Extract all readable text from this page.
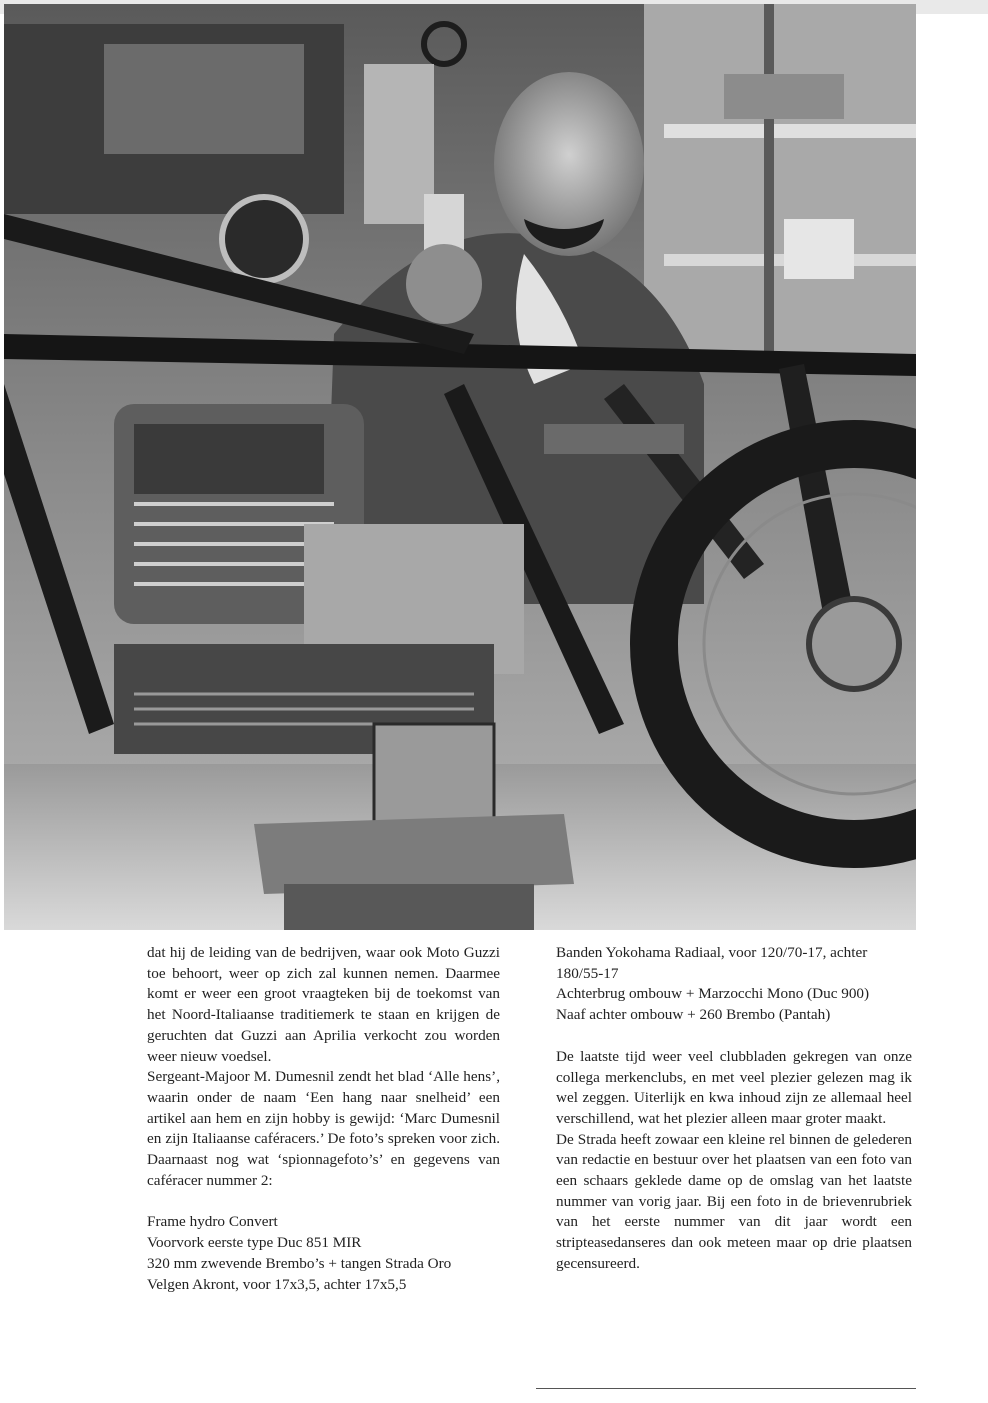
dat hij de leiding van de bedrijven, waar ook Moto Guzzi toe behoort, weer op zich zal kunnen nemen. Daarmee komt er weer een groot vraagteken bij de toekomst van het Noord-Italiaanse traditiemerk te staan en krijgen de geruchten dat Guzzi aan Aprilia verkocht zou worden weer nieuw voedsel.

Sergeant-Majoor M. Dumesnil zendt het blad ‘Alle hens’, waarin onder de naam ‘Een hang naar snelheid’ een artikel aan hem en zijn hobby is gewijd: ‘Marc Dumesnil en zijn Italiaanse caféracers.’ De foto’s spreken voor zich. Daarnaast nog wat ‘spionnagefoto’s’ en gegevens van caféracer nummer 2:

Frame hydro Convert

Voorvork eerste type Duc 851 MIR

320 mm zwevende Brembo’s + tangen Strada Oro

Velgen Akront, voor 17x3,5, achter 17x5,5

Banden Yokohama Radiaal, voor 120/70-17, achter 180/55-17

Achterbrug ombouw + Marzocchi Mono (Duc 900)

Naaf achter ombouw + 260 Brembo (Pantah)

De laatste tijd weer veel clubbladen gekregen van onze collega merkenclubs, en met veel plezier gelezen mag ik wel zeggen. Uiterlijk en kwa inhoud zijn ze allemaal heel verschillend, wat het plezier alleen maar groter maakt.

De Strada heeft zowaar een kleine rel binnen de gelederen van redactie en bestuur over het plaatsen van een foto van een schaars geklede dame op de omslag van het laatste nummer van vorig jaar. Bij een foto in de brievenrubriek van het eerste nummer van dit jaar wordt een stripteasedanseres dan ook meteen maar op drie plaatsen gecensureerd.
